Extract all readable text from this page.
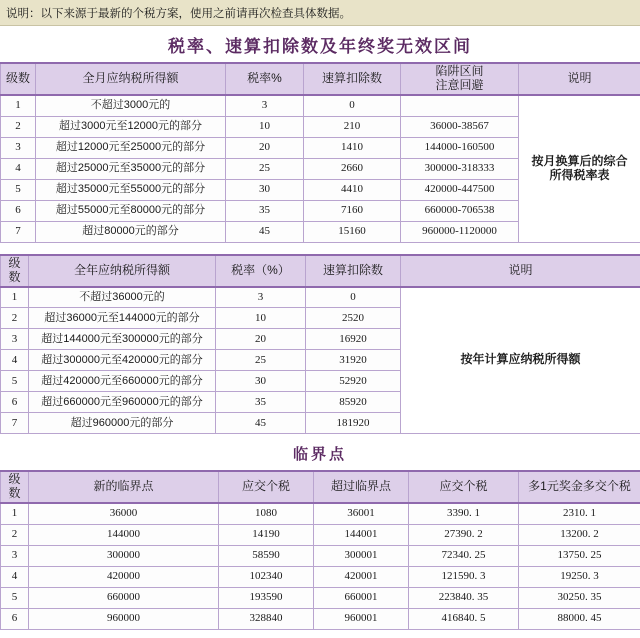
说明：以下来源于最新的个税方案，使用之前请再次检查具体数据。
税率、速算扣除数及年终奖无效区间
级数	全月应纳税所得额	税率%	速算扣除数	陷阱区间
注意回避	说明
1	不超过3000元的	3	0		按月换算后的综合
所得税率表

2	超过3000元至12000元的部分	10	210	36000-38567	
3	超过12000元至25000元的部分	20	1410	144000-160500	
4	超过25000元至35000元的部分	25	2660	300000-318333	
5	超过35000元至55000元的部分	30	4410	420000-447500	
6	超过55000元至80000元的部分	35	7160	660000-706538	
7	超过80000元的部分	45	15160	960000-1120000	
级
数	全年应纳税所得额	税率（%）	速算扣除数	说明
1	不超过36000元的	3	0	按年计算应纳税所得额
2	超过36000元至144000元的部分	10	2520	
3	超过144000元至300000元的部分	20	16920	
4	超过300000元至420000元的部分	25	31920	
5	超过420000元至660000元的部分	30	52920	
6	超过660000元至960000元的部分	35	85920	
7	超过960000元的部分	45	181920	
临界点
级
数	新的临界点	应交个税	超过临界点	应交个税	多1元奖金多交个税
1	36000	1080	36001	3390. 1	2310. 1
2	144000	14190	144001	27390. 2	13200. 2
3	300000	58590	300001	72340. 25	13750. 25
4	420000	102340	420001	121590. 3	19250. 3
5	660000	193590	660001	223840. 35	30250. 35
6	960000	328840	960001	416840. 5	88000. 45
